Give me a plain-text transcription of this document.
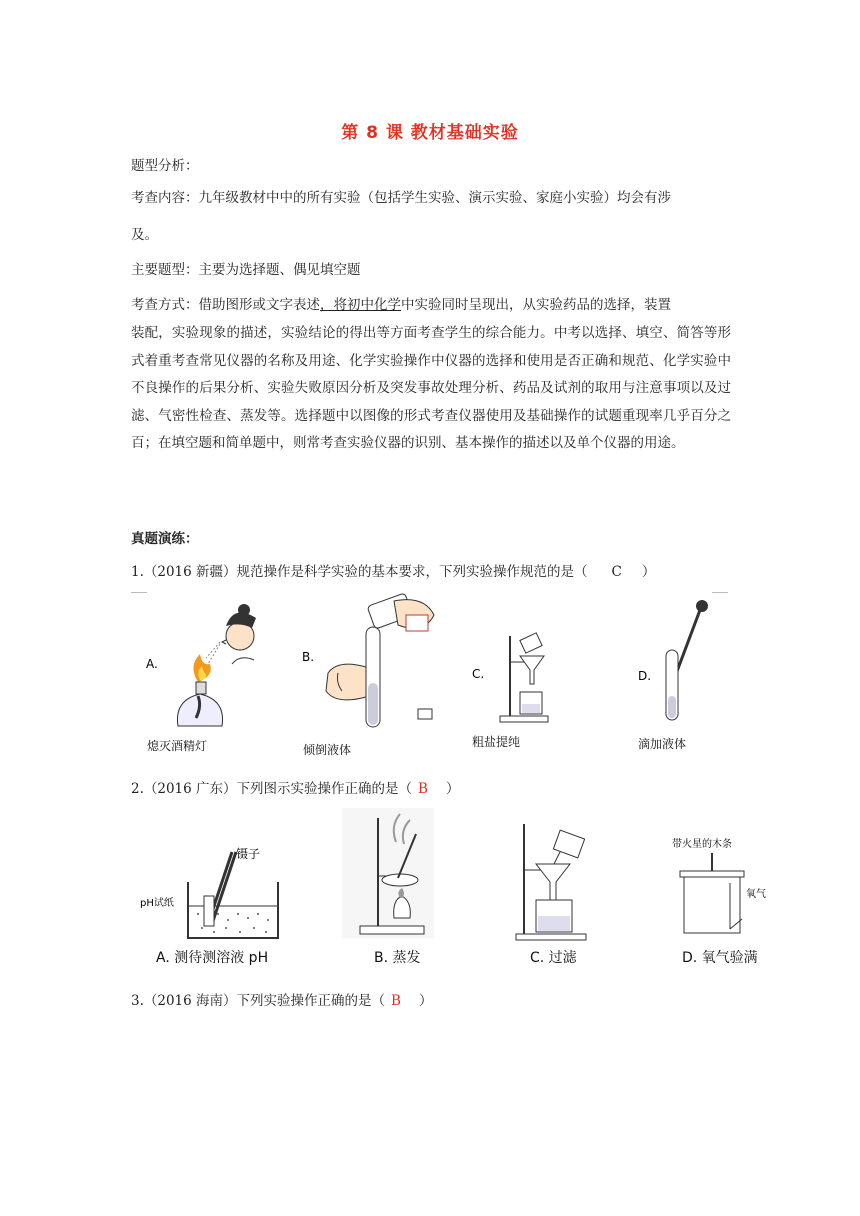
第 8 课 教材基础实验
题型分析：
考查内容：九年级教材中中的所有实验（包括学生实验、演示实验、家庭小实验）均会有涉
及。
主要题型：主要为选择题、偶见填空题
考查方式：借助图形或文字表述，将初中化学中实验同时呈现出，从实验药品的选择，装置
装配，实验现象的描述，实验结论的得出等方面考查学生的综合能力。中考以选择、填空、简答等形式着重考查常见仪器的名称及用途、化学实验操作中仪器的选择和使用是否正确和规范、化学实验中不良操作的后果分析、实验失败原因分析及突发事故处理分析、药品及试剂的取用与注意事项以及过滤、气密性检查、蒸发等。选择题中以图像的形式考查仪器使用及基础操作的试题重现率几乎百分之百；在填空题和简单题中，则常考查实验仪器的识别、基本操作的描述以及单个仪器的用途。
真题演练：
1.（2016 新疆）规范操作是科学实验的基本要求，下列实验操作规范的是（ C ）
A.
熄灭酒精灯
B.
倾倒液体
C.
粗盐提纯
D.
滴加液体
2.（2016 广东）下列图示实验操作正确的是（ B ）
镊子
pH试纸
A. 测待测溶液 pH	B. 蒸发	C. 过滤
带火星的木条
氧气
D. 氧气验满
3.（2016 海南）下列实验操作正确的是（ B ）
